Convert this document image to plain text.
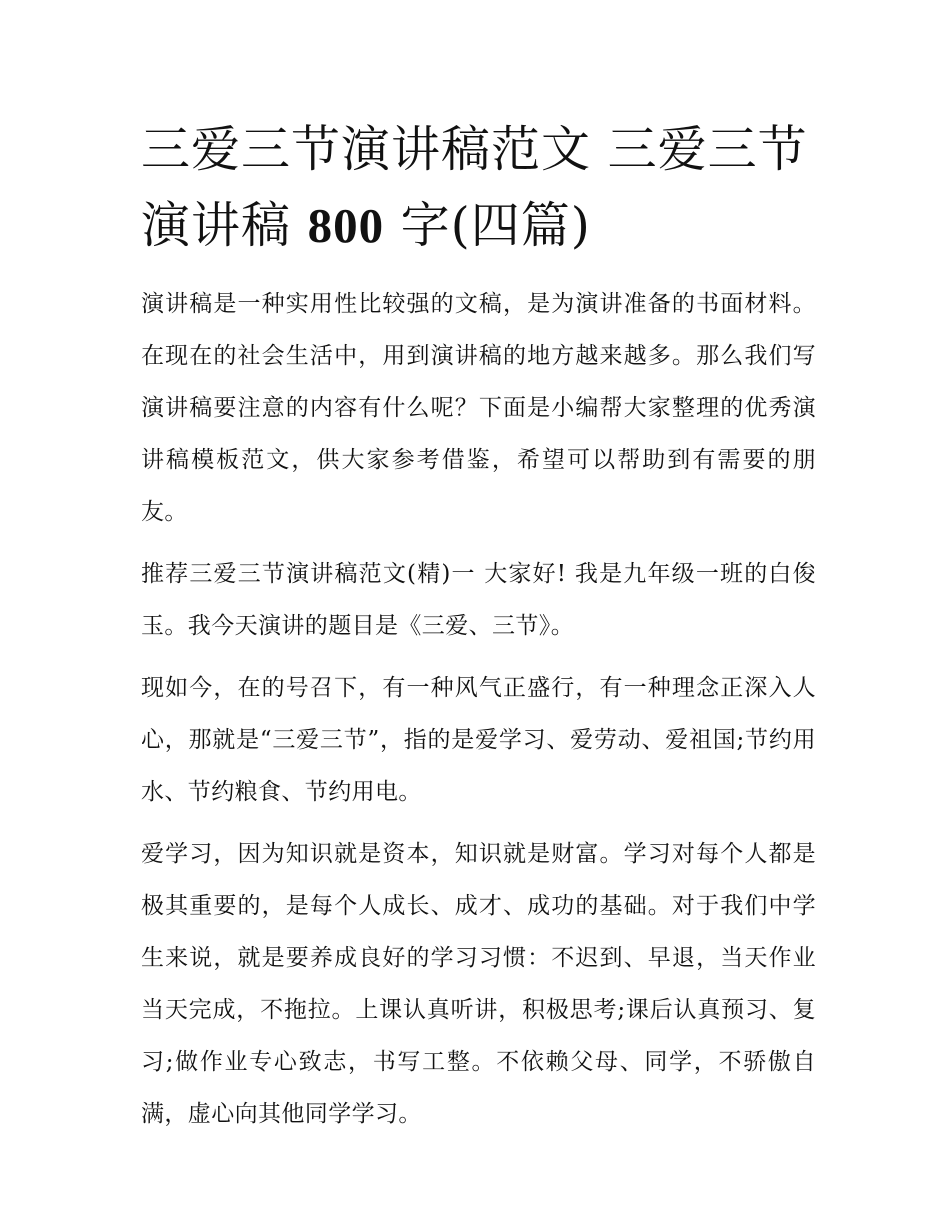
三爱三节演讲稿范文 三爱三节演讲稿 800 字(四篇)

演讲稿是一种实用性比较强的文稿，是为演讲准备的书面材料。在现在的社会生活中，用到演讲稿的地方越来越多。那么我们写演讲稿要注意的内容有什么呢？下面是小编帮大家整理的优秀演讲稿模板范文，供大家参考借鉴，希望可以帮助到有需要的朋友。

推荐三爱三节演讲稿范文(精)一 大家好! 我是九年级一班的白俊玉。我今天演讲的题目是《三爱、三节》。

现如今，在的号召下，有一种风气正盛行，有一种理念正深入人心，那就是“三爱三节”，指的是爱学习、爱劳动、爱祖国;节约用水、节约粮食、节约用电。

爱学习，因为知识就是资本，知识就是财富。学习对每个人都是极其重要的，是每个人成长、成才、成功的基础。对于我们中学生来说，就是要养成良好的学习习惯：不迟到、早退，当天作业当天完成，不拖拉。上课认真听讲，积极思考;课后认真预习、复习;做作业专心致志，书写工整。不依赖父母、同学，不骄傲自满，虚心向其他同学学习。
